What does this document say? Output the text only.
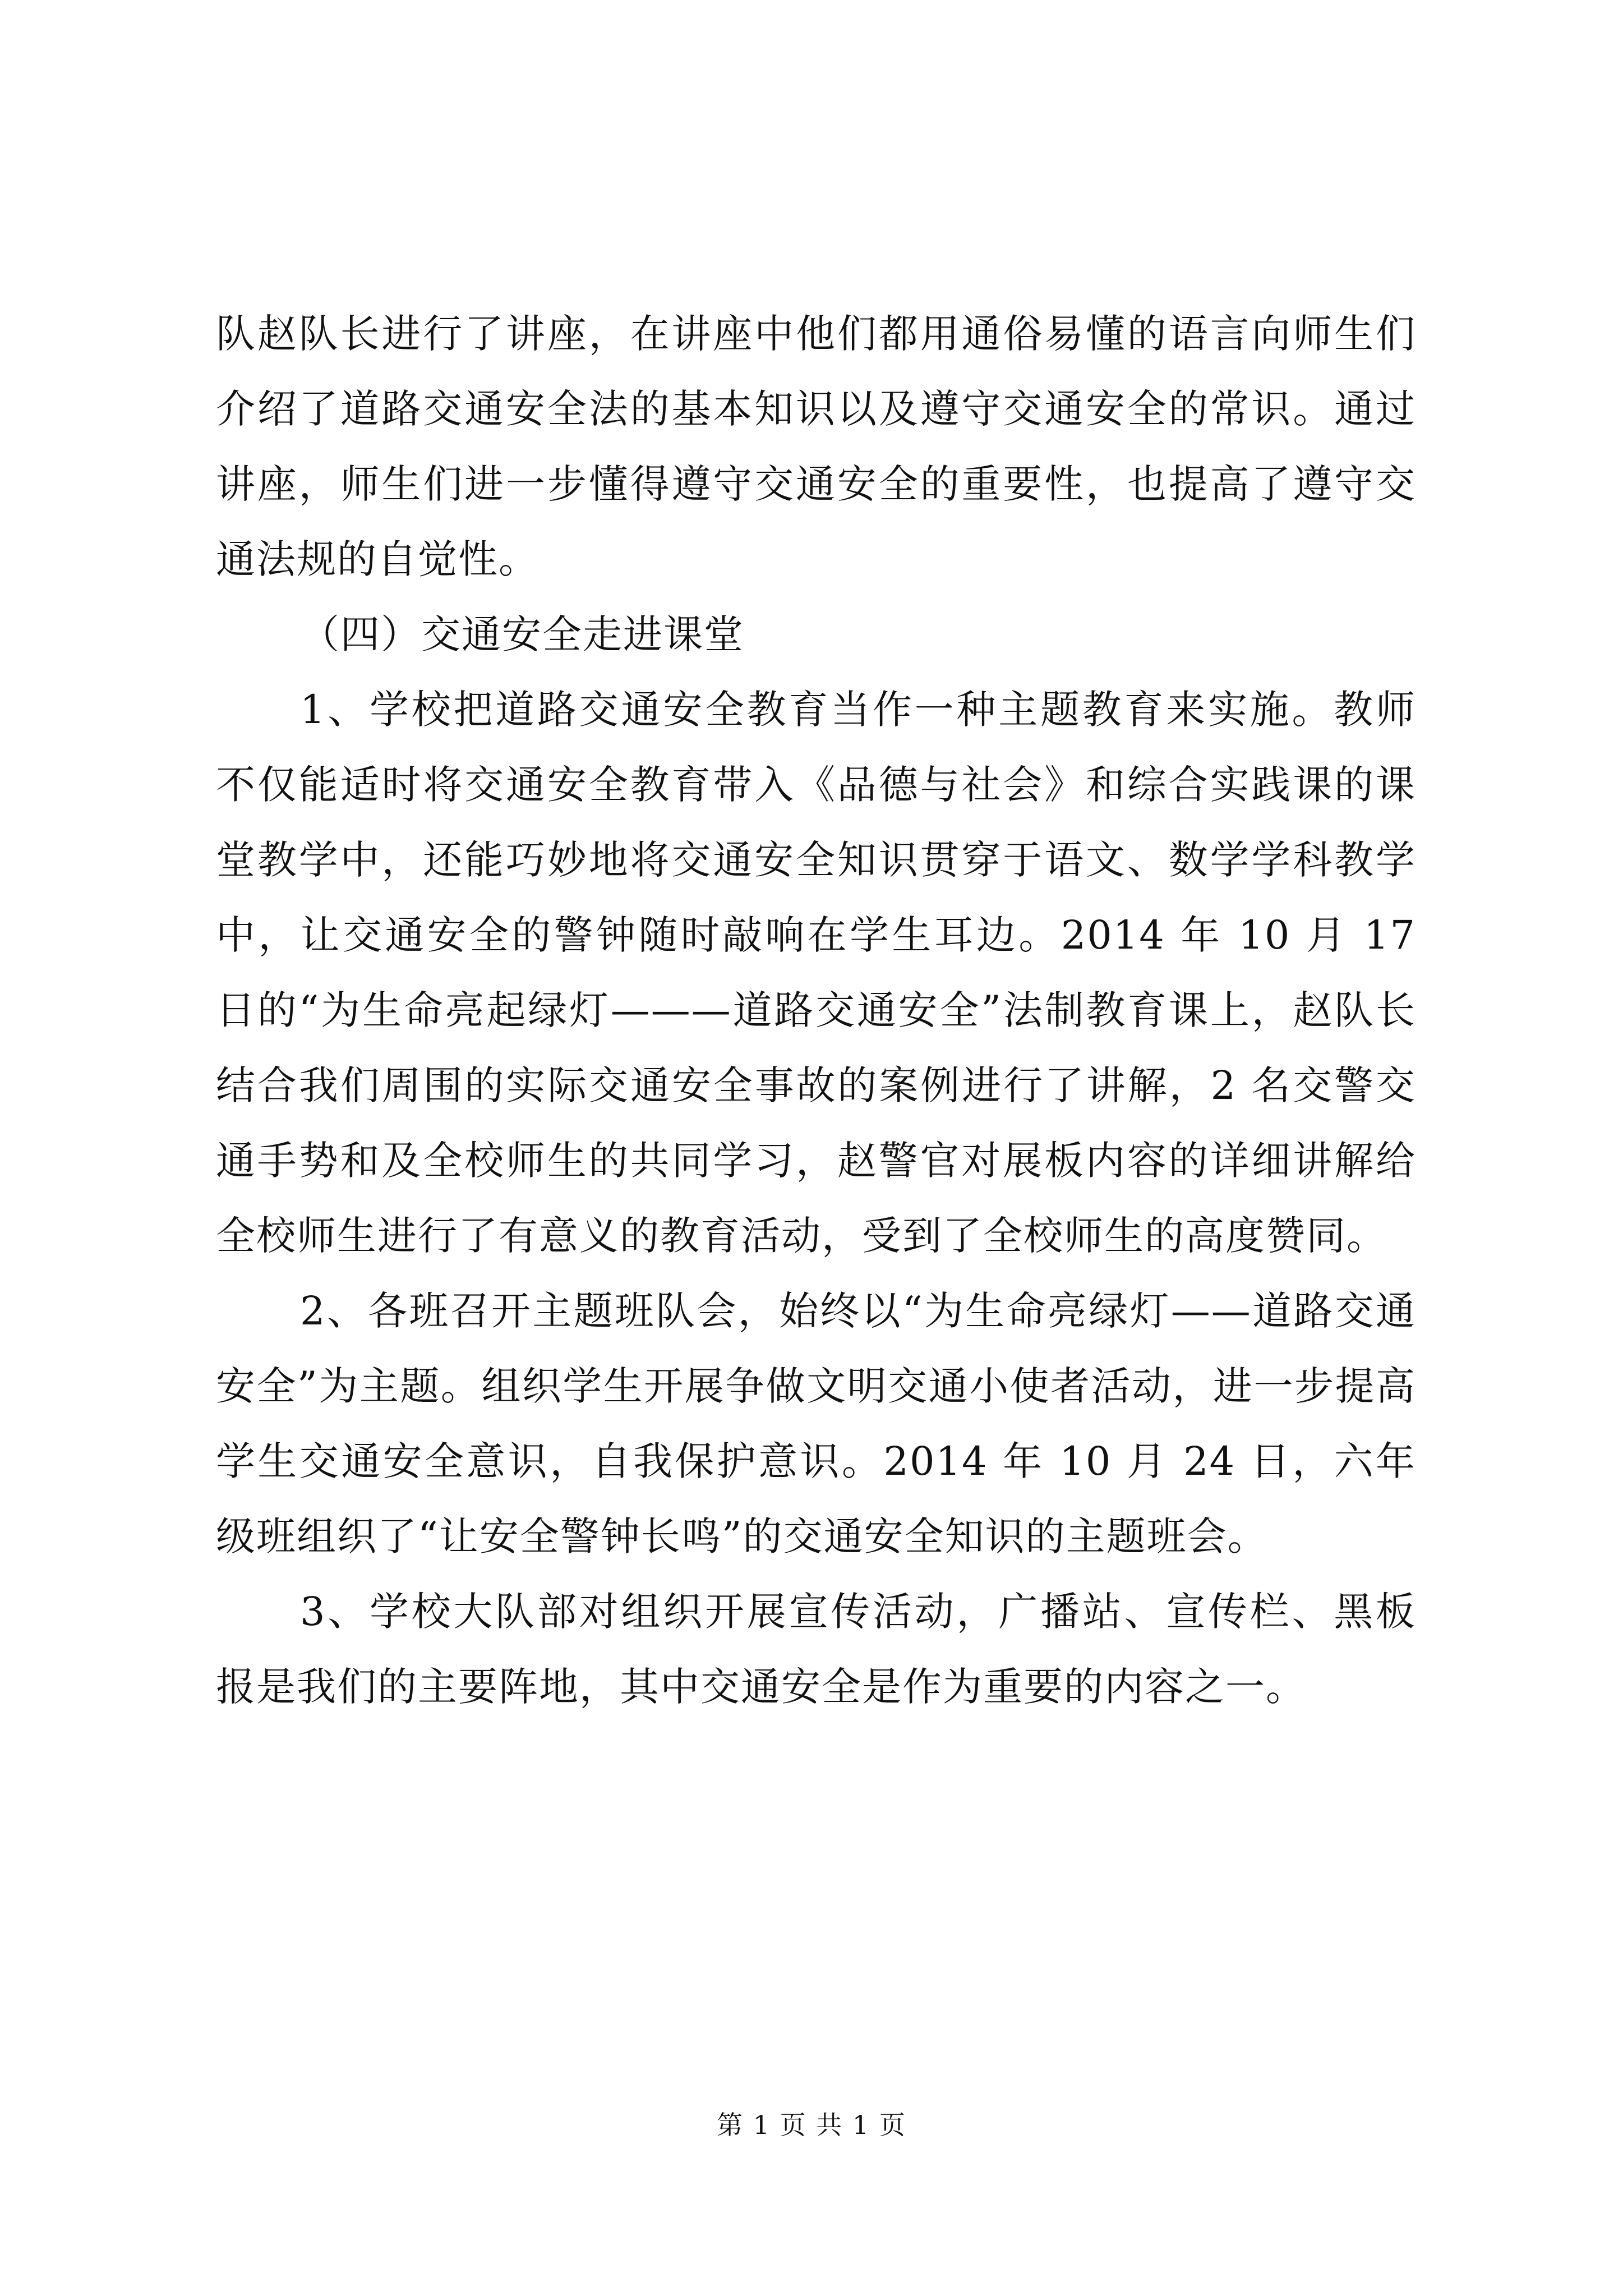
队赵队长进行了讲座，在讲座中他们都用通俗易懂的语言向师生们介绍了道路交通安全法的基本知识以及遵守交通安全的常识。通过讲座，师生们进一步懂得遵守交通安全的重要性，也提高了遵守交通法规的自觉性。

（四）交通安全走进课堂

1、学校把道路交通安全教育当作一种主题教育来实施。教师不仅能适时将交通安全教育带入《品德与社会》和综合实践课的课堂教学中，还能巧妙地将交通安全知识贯穿于语文、数学学科教学中，让交通安全的警钟随时敲响在学生耳边。2014 年 10 月 17 日的“为生命亮起绿灯———道路交通安全”法制教育课上，赵队长结合我们周围的实际交通安全事故的案例进行了讲解，2 名交警交通手势和及全校师生的共同学习，赵警官对展板内容的详细讲解给全校师生进行了有意义的教育活动，受到了全校师生的高度赞同。

2、各班召开主题班队会，始终以“为生命亮绿灯——道路交通安全”为主题。组织学生开展争做文明交通小使者活动，进一步提高学生交通安全意识，自我保护意识。2014 年 10 月 24 日，六年级班组织了“让安全警钟长鸣”的交通安全知识的主题班会。

3、学校大队部对组织开展宣传活动，广播站、宣传栏、黑板报是我们的主要阵地，其中交通安全是作为重要的内容之一。

第 1 页 共 1 页
